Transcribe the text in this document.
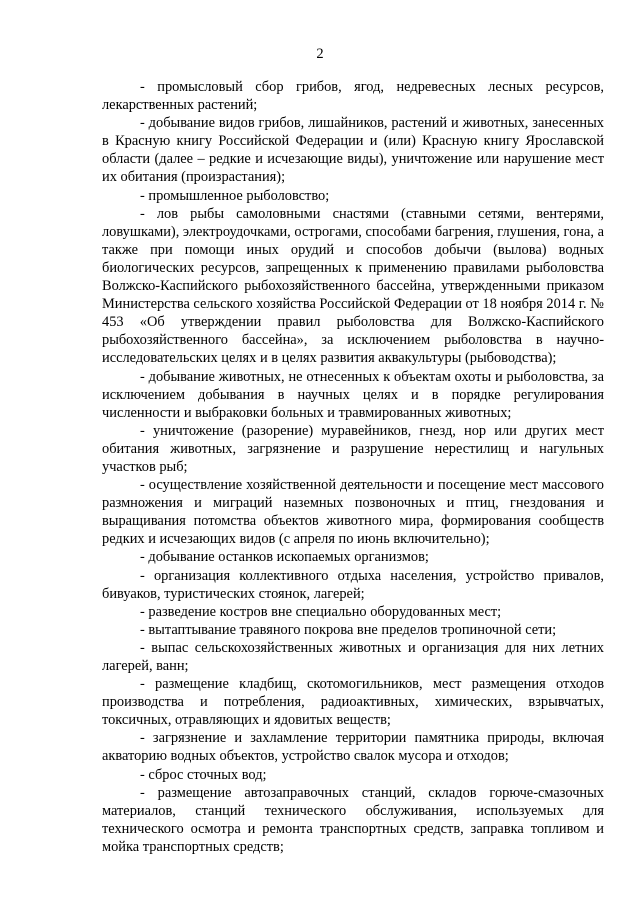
2

- промысловый сбор грибов, ягод, недревесных лесных ресурсов, лекарственных растений;

- добывание видов грибов, лишайников, растений и животных, занесенных в Красную книгу Российской Федерации и (или) Красную книгу Ярославской области (далее – редкие и исчезающие виды), уничтожение или нарушение мест их обитания (произрастания);

- промышленное рыболовство;

- лов рыбы самоловными снастями (ставными сетями, вентерями, ловушками), электроудочками, острогами, способами багрения, глушения, гона, а также при помощи иных орудий и способов добычи (вылова) водных биологических ресурсов, запрещенных к применению правилами рыболовства Волжско-Каспийского рыбохозяйственного бассейна, утвержденными приказом Министерства сельского хозяйства Российской Федерации от 18 ноября 2014 г. № 453 «Об утверждении правил рыболовства для Волжско-Каспийского рыбохозяйственного бассейна», за исключением рыболовства в научно-исследовательских целях и в целях развития аквакультуры (рыбоводства);

- добывание животных, не отнесенных к объектам охоты и рыболовства, за исключением добывания в научных целях и в порядке регулирования численности и выбраковки больных и травмированных животных;

- уничтожение (разорение) муравейников, гнезд, нор или других мест обитания животных, загрязнение и разрушение нерестилищ и нагульных участков рыб;

- осуществление хозяйственной деятельности и посещение мест массового размножения и миграций наземных позвоночных и птиц, гнездования и выращивания потомства объектов животного мира, формирования сообществ редких и исчезающих видов (с апреля по июнь включительно);

- добывание останков ископаемых организмов;

- организация коллективного отдыха населения, устройство привалов, бивуаков, туристических стоянок, лагерей;

- разведение костров вне специально оборудованных мест;

- вытаптывание травяного покрова вне пределов тропиночной сети;

- выпас сельскохозяйственных животных и организация для них летних лагерей, ванн;

- размещение кладбищ, скотомогильников, мест размещения отходов производства и потребления, радиоактивных, химических, взрывчатых, токсичных, отравляющих и ядовитых веществ;

- загрязнение и захламление территории памятника природы, включая акваторию водных объектов, устройство свалок мусора и отходов;

- сброс сточных вод;

- размещение автозаправочных станций, складов горюче-смазочных материалов, станций технического обслуживания, используемых для технического осмотра и ремонта транспортных средств, заправка топливом и мойка транспортных средств;
